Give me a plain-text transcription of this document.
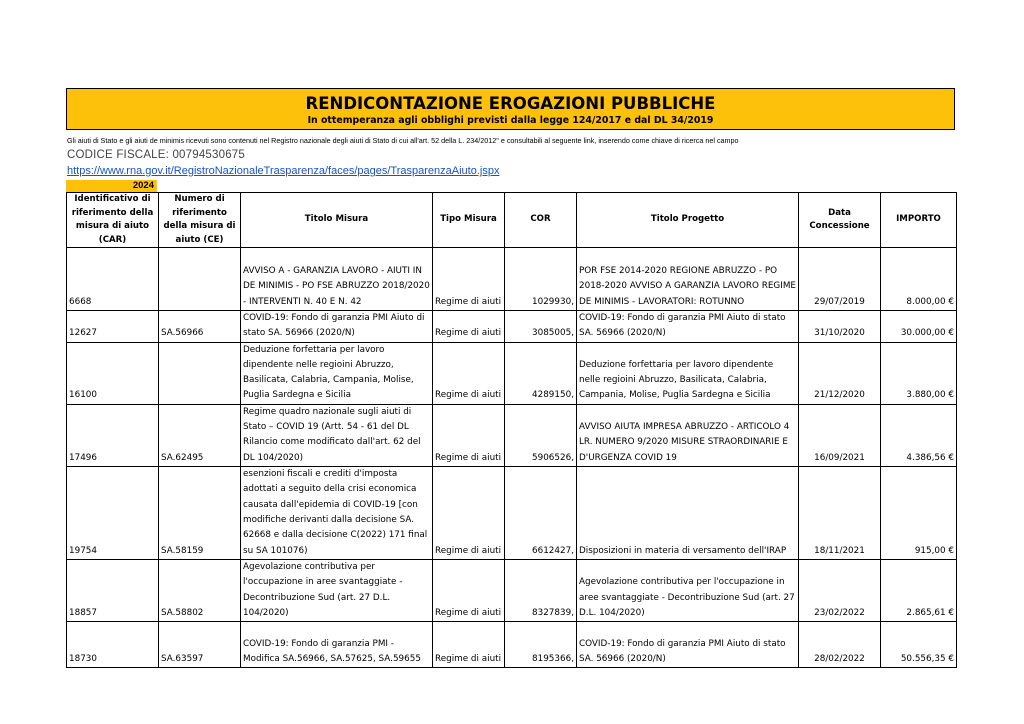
RENDICONTAZIONE EROGAZIONI PUBBLICHE
In ottemperanza agli obblighi previsti dalla legge 124/2017 e dal DL 34/2019
Gli aiuti di Stato e gli aiuti de minimis ricevuti sono contenuti nel Registro nazionale degli aiuti di Stato di cui all'art. 52 della L. 234/2012" e consultabili al seguente link, inserendo come chiave di ricerca nel campo
CODICE FISCALE: 00794530675
https://www.rna.gov.it/RegistroNazionaleTrasparenza/faces/pages/TrasparenzaAiuto.jspx
2024
Identificativo di riferimento della misura di aiuto (CAR)	Numero di riferimento della misura di aiuto (CE)	Titolo Misura	Tipo Misura	COR	Titolo Progetto	Data Concessione	IMPORTO
6668		AVVISO A - GARANZIA LAVORO - AIUTI IN DE MINIMIS - PO FSE ABRUZZO 2018/2020 - INTERVENTI N. 40 E N. 42	Regime di aiuti	1029930,	POR FSE 2014-2020 REGIONE ABRUZZO - PO 2018-2020 AVVISO A GARANZIA LAVORO REGIME DE MINIMIS - LAVORATORI: ROTUNNO	29/07/2019	8.000,00 €
12627	SA.56966	COVID-19: Fondo di garanzia PMI Aiuto di stato SA. 56966 (2020/N)	Regime di aiuti	3085005,	COVID-19: Fondo di garanzia PMI Aiuto di stato SA. 56966 (2020/N)	31/10/2020	30.000,00 €
16100		Deduzione forfettaria per lavoro dipendente nelle regioini Abruzzo, Basilicata, Calabria, Campania, Molise, Puglia Sardegna e Sicilia	Regime di aiuti	4289150,	Deduzione forfettaria per lavoro dipendente nelle regioini Abruzzo, Basilicata, Calabria, Campania, Molise, Puglia Sardegna e Sicilia	21/12/2020	3.880,00 €
17496	SA.62495	Regime quadro nazionale sugli aiuti di Stato – COVID 19 (Artt. 54 - 61 del DL Rilancio come modificato dall'art. 62 del DL 104/2020)	Regime di aiuti	5906526,	AVVISO AIUTA IMPRESA ABRUZZO - ARTICOLO 4 LR. NUMERO 9/2020 MISURE STRAORDINARIE E D'URGENZA COVID 19	16/09/2021	4.386,56 €
19754	SA.58159	esenzioni fiscali e crediti d'imposta adottati a seguito della crisi economica causata dall'epidemia di COVID-19 [con modifiche derivanti dalla decisione SA. 62668 e dalla decisione C(2022) 171 final su SA 101076)	Regime di aiuti	6612427,	Disposizioni in materia di versamento dell'IRAP	18/11/2021	915,00 €
18857	SA.58802	Agevolazione contributiva per l'occupazione in aree svantaggiate - Decontribuzione Sud (art. 27 D.L. 104/2020)	Regime di aiuti	8327839,	Agevolazione contributiva per l'occupazione in aree svantaggiate - Decontribuzione Sud (art. 27 D.L. 104/2020)	23/02/2022	2.865,61 €
18730	SA.63597	COVID-19: Fondo di garanzia PMI - Modifica SA.56966, SA.57625, SA.59655	Regime di aiuti	8195366,	COVID-19: Fondo di garanzia PMI Aiuto di stato SA. 56966 (2020/N)	28/02/2022	50.556,35 €
